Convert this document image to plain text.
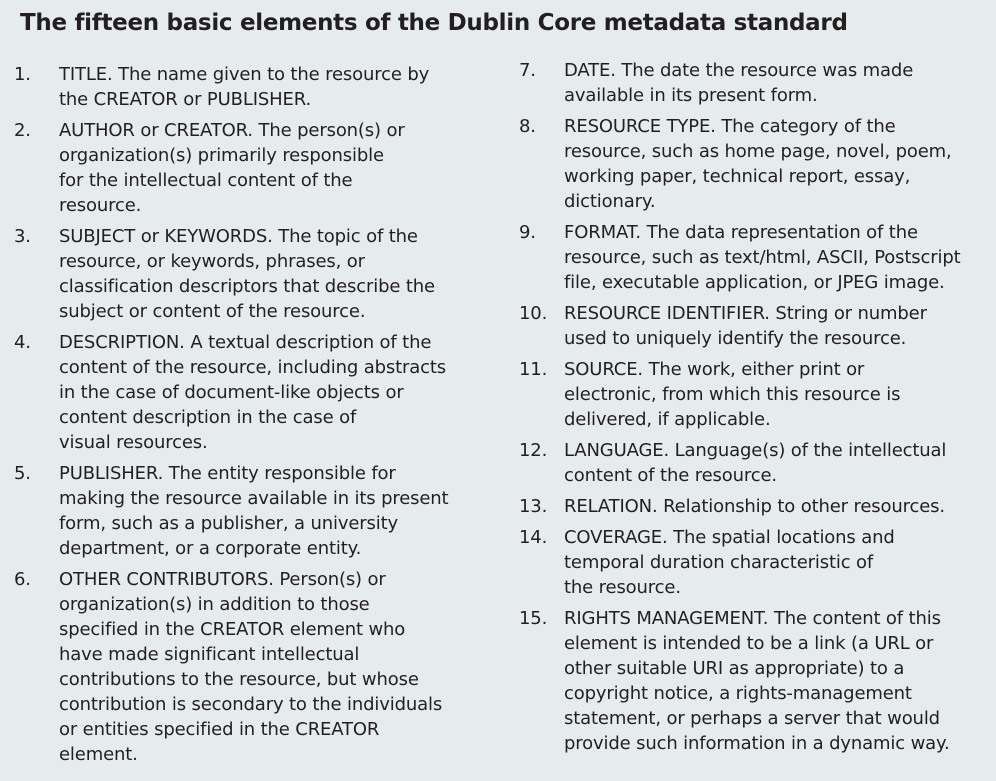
The fifteen basic elements of the Dublin Core metadata standard
1.	TITLE. The name given to the resource by
the CREATOR or PUBLISHER.
2.	AUTHOR or CREATOR. The person(s) or
organization(s) primarily responsible
for the intellectual content of the
resource.
3.	SUBJECT or KEYWORDS. The topic of the
resource, or keywords, phrases, or
classification descriptors that describe the
subject or content of the resource.
4.	DESCRIPTION. A textual description of the
content of the resource, including abstracts
in the case of document-like objects or
content description in the case of
visual resources.
5.	PUBLISHER. The entity responsible for
making the resource available in its present
form, such as a publisher, a university
department, or a corporate entity.
6.	OTHER CONTRIBUTORS. Person(s) or
organization(s) in addition to those
specified in the CREATOR element who
have made significant intellectual
contributions to the resource, but whose
contribution is secondary to the individuals
or entities specified in the CREATOR
element.
7.	DATE. The date the resource was made
available in its present form.
8.	RESOURCE TYPE. The category of the
resource, such as home page, novel, poem,
working paper, technical report, essay,
dictionary.
9.	FORMAT. The data representation of the
resource, such as text/html, ASCII, Postscript
file, executable application, or JPEG image.
10. RESOURCE IDENTIFIER. String or number
used to uniquely identify the resource.
11. SOURCE. The work, either print or
electronic, from which this resource is
delivered, if applicable.
12. LANGUAGE. Language(s) of the intellectual
content of the resource.
13. RELATION. Relationship to other resources.
14. COVERAGE. The spatial locations and
temporal duration characteristic of
the resource.
15. RIGHTS MANAGEMENT. The content of this
element is intended to be a link (a URL or
other suitable URI as appropriate) to a
copyright notice, a rights-management
statement, or perhaps a server that would
provide such information in a dynamic way.
